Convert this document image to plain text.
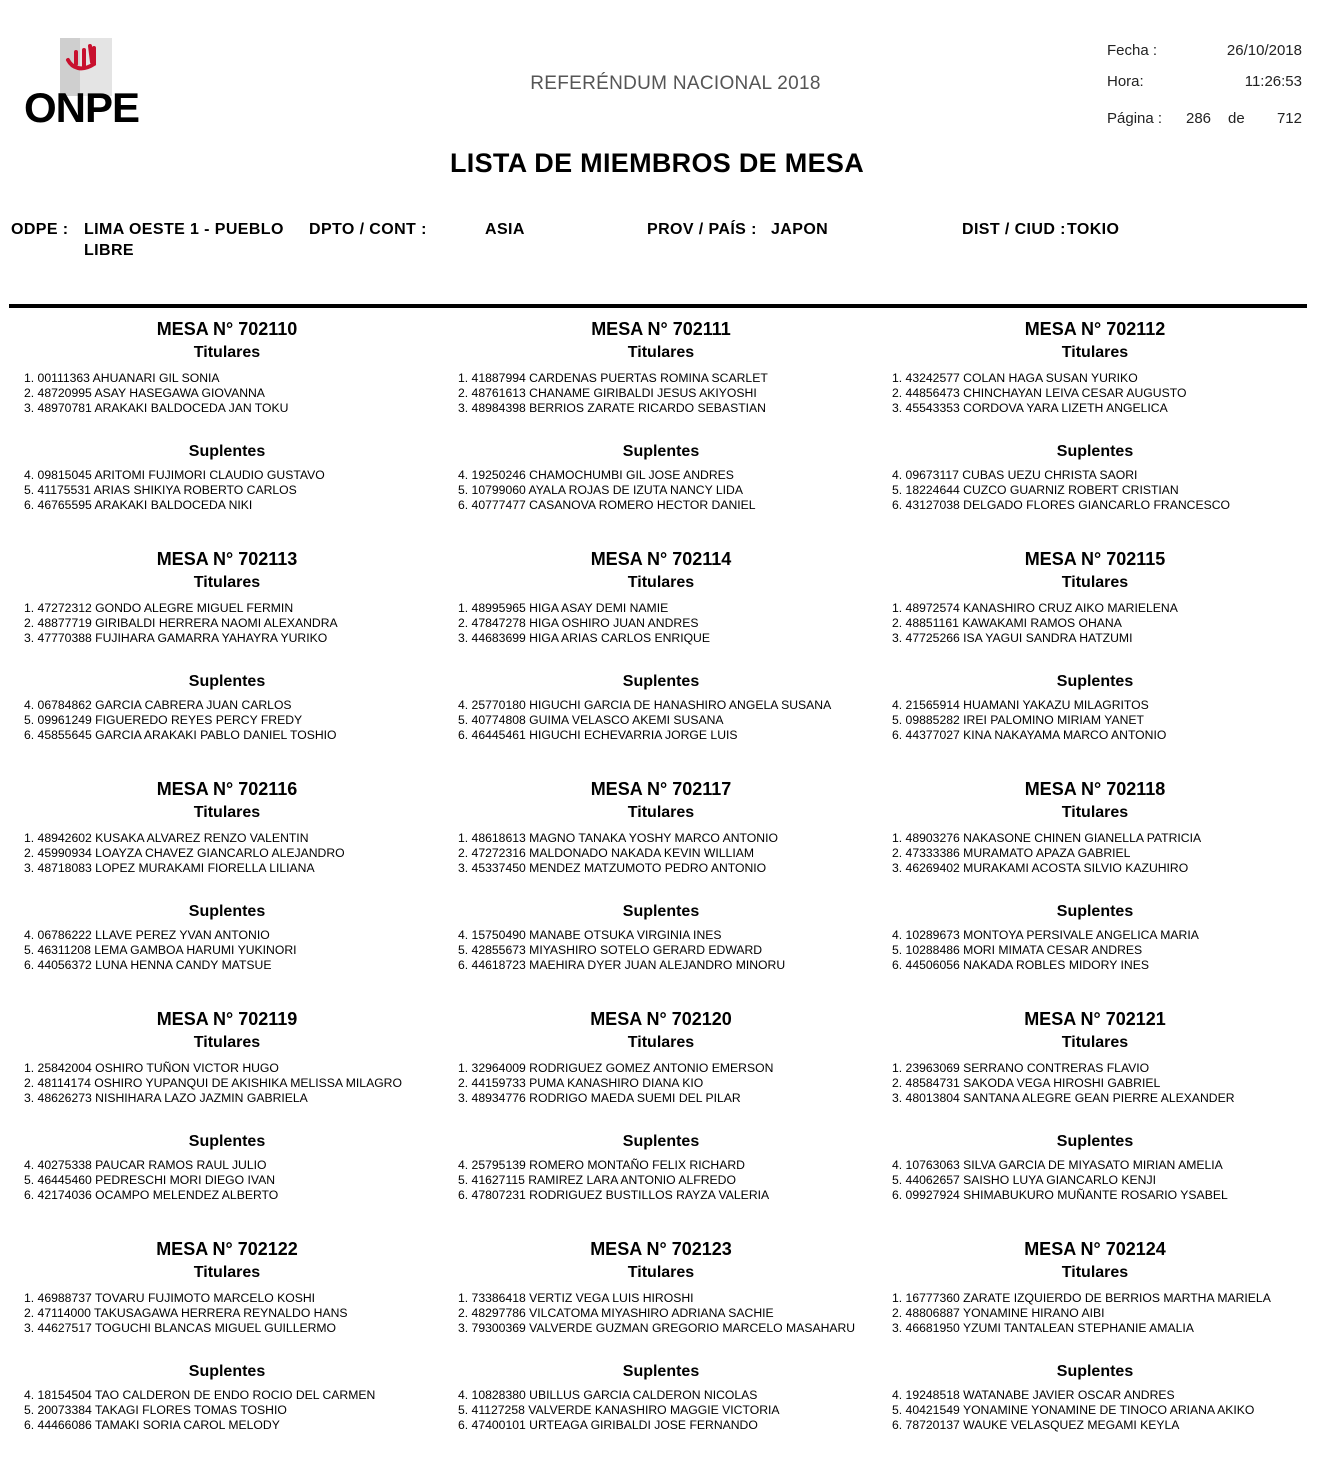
ONPE
REFERÉNDUM NACIONAL 2018
Fecha :	26/10/2018
Hora:	11:26:53
Página : 286 de 712
LISTA DE MIEMBROS DE MESA
ODPE : LIMA OESTE 1 - PUEBLO
LIBRE
DPTO / CONT :	ASIA	PROV / PAÍS : JAPON	DIST / CIUD : TOKIO
MESA N° 702110
Titulares
1. 00111363 AHUANARI GIL SONIA
2. 48720995 ASAY HASEGAWA GIOVANNA
3. 48970781 ARAKAKI BALDOCEDA JAN TOKU
Suplentes
4. 09815045 ARITOMI FUJIMORI CLAUDIO GUSTAVO
5. 41175531 ARIAS SHIKIYA ROBERTO CARLOS
6. 46765595 ARAKAKI BALDOCEDA NIKI
MESA N° 702111
Titulares
1. 41887994 CARDENAS PUERTAS ROMINA SCARLET
2. 48761613 CHANAME GIRIBALDI JESUS AKIYOSHI
3. 48984398 BERRIOS ZARATE RICARDO SEBASTIAN
Suplentes
4. 19250246 CHAMOCHUMBI GIL JOSE ANDRES
5. 10799060 AYALA ROJAS DE IZUTA NANCY LIDA
6. 40777477 CASANOVA ROMERO HECTOR DANIEL
MESA N° 702112
Titulares
1. 43242577 COLAN HAGA SUSAN YURIKO
2. 44856473 CHINCHAYAN LEIVA CESAR AUGUSTO
3. 45543353 CORDOVA YARA LIZETH ANGELICA
Suplentes
4. 09673117 CUBAS UEZU CHRISTA SAORI
5. 18224644 CUZCO GUARNIZ ROBERT CRISTIAN
6. 43127038 DELGADO FLORES GIANCARLO FRANCESCO
MESA N° 702113
Titulares
1. 47272312 GONDO ALEGRE MIGUEL FERMIN
2. 48877719 GIRIBALDI HERRERA NAOMI ALEXANDRA
3. 47770388 FUJIHARA GAMARRA YAHAYRA YURIKO
Suplentes
4. 06784862 GARCIA CABRERA JUAN CARLOS
5. 09961249 FIGUEREDO REYES PERCY FREDY
6. 45855645 GARCIA ARAKAKI PABLO DANIEL TOSHIO
MESA N° 702114
Titulares
1. 48995965 HIGA ASAY DEMI NAMIE
2. 47847278 HIGA OSHIRO JUAN ANDRES
3. 44683699 HIGA ARIAS CARLOS ENRIQUE
Suplentes
4. 25770180 HIGUCHI GARCIA DE HANASHIRO ANGELA SUSANA
5. 40774808 GUIMA VELASCO AKEMI SUSANA
6. 46445461 HIGUCHI ECHEVARRIA JORGE LUIS
MESA N° 702115
Titulares
1. 48972574 KANASHIRO CRUZ AIKO MARIELENA
2. 48851161 KAWAKAMI RAMOS OHANA
3. 47725266 ISA YAGUI SANDRA HATZUMI
Suplentes
4. 21565914 HUAMANI YAKAZU MILAGRITOS
5. 09885282 IREI PALOMINO MIRIAM YANET
6. 44377027 KINA NAKAYAMA MARCO ANTONIO
MESA N° 702116
Titulares
1. 48942602 KUSAKA ALVAREZ RENZO VALENTIN
2. 45990934 LOAYZA CHAVEZ GIANCARLO ALEJANDRO
3. 48718083 LOPEZ MURAKAMI FIORELLA LILIANA
Suplentes
4. 06786222 LLAVE PEREZ YVAN ANTONIO
5. 46311208 LEMA GAMBOA HARUMI YUKINORI
6. 44056372 LUNA HENNA CANDY MATSUE
MESA N° 702117
Titulares
1. 48618613 MAGNO TANAKA YOSHY MARCO ANTONIO
2. 47272316 MALDONADO NAKADA KEVIN WILLIAM
3. 45337450 MENDEZ MATZUMOTO PEDRO ANTONIO
Suplentes
4. 15750490 MANABE OTSUKA VIRGINIA INES
5. 42855673 MIYASHIRO SOTELO GERARD EDWARD
6. 44618723 MAEHIRA DYER JUAN ALEJANDRO MINORU
MESA N° 702118
Titulares
1. 48903276 NAKASONE CHINEN GIANELLA PATRICIA
2. 47333386 MURAMATO APAZA GABRIEL
3. 46269402 MURAKAMI ACOSTA SILVIO KAZUHIRO
Suplentes
4. 10289673 MONTOYA PERSIVALE ANGELICA MARIA
5. 10288486 MORI MIMATA CESAR ANDRES
6. 44506056 NAKADA ROBLES MIDORY INES
MESA N° 702119
Titulares
1. 25842004 OSHIRO TUÑON VICTOR HUGO
2. 48114174 OSHIRO YUPANQUI DE AKISHIKA MELISSA MILAGRO
3. 48626273 NISHIHARA LAZO JAZMIN GABRIELA
Suplentes
4. 40275338 PAUCAR RAMOS RAUL JULIO
5. 46445460 PEDRESCHI MORI DIEGO IVAN
6. 42174036 OCAMPO MELENDEZ ALBERTO
MESA N° 702120
Titulares
1. 32964009 RODRIGUEZ GOMEZ ANTONIO EMERSON
2. 44159733 PUMA KANASHIRO DIANA KIO
3. 48934776 RODRIGO MAEDA SUEMI DEL PILAR
Suplentes
4. 25795139 ROMERO MONTAÑO FELIX RICHARD
5. 41627115 RAMIREZ LARA ANTONIO ALFREDO
6. 47807231 RODRIGUEZ BUSTILLOS RAYZA VALERIA
MESA N° 702121
Titulares
1. 23963069 SERRANO CONTRERAS FLAVIO
2. 48584731 SAKODA VEGA HIROSHI GABRIEL
3. 48013804 SANTANA ALEGRE GEAN PIERRE ALEXANDER
Suplentes
4. 10763063 SILVA GARCIA DE MIYASATO MIRIAN AMELIA
5. 44062657 SAISHO LUYA GIANCARLO KENJI
6. 09927924 SHIMABUKURO MUÑANTE ROSARIO YSABEL
MESA N° 702122
Titulares
1. 46988737 TOVARU FUJIMOTO MARCELO KOSHI
2. 47114000 TAKUSAGAWA HERRERA REYNALDO HANS
3. 44627517 TOGUCHI BLANCAS MIGUEL GUILLERMO
Suplentes
4. 18154504 TAO CALDERON DE ENDO ROCIO DEL CARMEN
5. 20073384 TAKAGI FLORES TOMAS TOSHIO
6. 44466086 TAMAKI SORIA CAROL MELODY
MESA N° 702123
Titulares
1. 73386418 VERTIZ VEGA LUIS HIROSHI
2. 48297786 VILCATOMA MIYASHIRO ADRIANA SACHIE
3. 79300369 VALVERDE GUZMAN GREGORIO MARCELO MASAHARU
Suplentes
4. 10828380 UBILLUS GARCIA CALDERON NICOLAS
5. 41127258 VALVERDE KANASHIRO MAGGIE VICTORIA
6. 47400101 URTEAGA GIRIBALDI JOSE FERNANDO
MESA N° 702124
Titulares
1. 16777360 ZARATE IZQUIERDO DE BERRIOS MARTHA MARIELA
2. 48806887 YONAMINE HIRANO AIBI
3. 46681950 YZUMI TANTALEAN STEPHANIE AMALIA
Suplentes
4. 19248518 WATANABE JAVIER OSCAR ANDRES
5. 40421549 YONAMINE YONAMINE DE TINOCO ARIANA AKIKO
6. 78720137 WAUKE VELASQUEZ MEGAMI KEYLA
